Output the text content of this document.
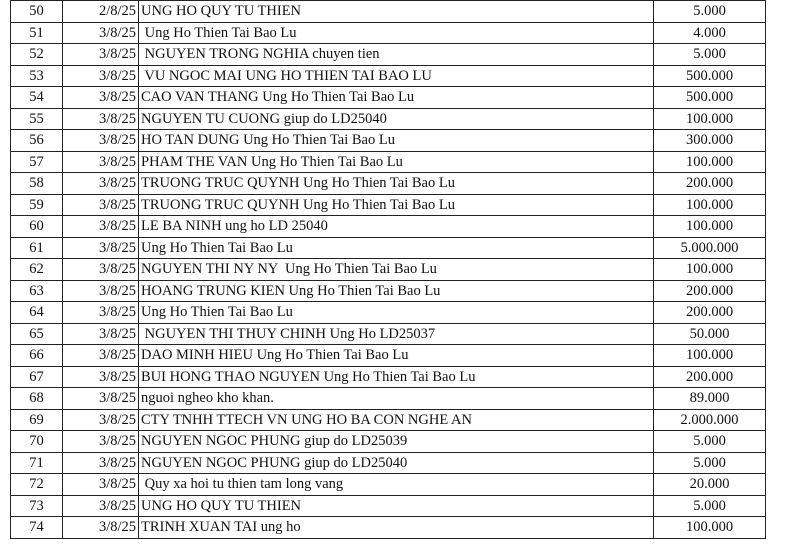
50	2/8/25	UNG HO QUY TU THIEN	5.000
51	3/8/25	Ung Ho Thien Tai Bao Lu	4.000
52	3/8/25	NGUYEN TRONG NGHIA chuyen tien	5.000
53	3/8/25	VU NGOC MAI UNG HO THIEN TAI BAO LU	500.000
54	3/8/25	CAO VAN THANG Ung Ho Thien Tai Bao Lu	500.000
55	3/8/25	NGUYEN TU CUONG giup do LD25040	100.000
56	3/8/25	HO TAN DUNG Ung Ho Thien Tai Bao Lu	300.000
57	3/8/25	PHAM THE VAN Ung Ho Thien Tai Bao Lu	100.000
58	3/8/25	TRUONG TRUC QUYNH Ung Ho Thien Tai Bao Lu	200.000
59	3/8/25	TRUONG TRUC QUYNH Ung Ho Thien Tai Bao Lu	100.000
60	3/8/25	LE BA NINH ung ho LD 25040	100.000
61	3/8/25	Ung Ho Thien Tai Bao Lu	5.000.000
62	3/8/25	NGUYEN THI NY NY  Ung Ho Thien Tai Bao Lu	100.000
63	3/8/25	HOANG TRUNG KIEN Ung Ho Thien Tai Bao Lu	200.000
64	3/8/25	Ung Ho Thien Tai Bao Lu	200.000
65	3/8/25	NGUYEN THI THUY CHINH Ung Ho LD25037	50.000
66	3/8/25	DAO MINH HIEU Ung Ho Thien Tai Bao Lu	100.000
67	3/8/25	BUI HONG THAO NGUYEN Ung Ho Thien Tai Bao Lu	200.000
68	3/8/25	nguoi ngheo kho khan.	89.000
69	3/8/25	CTY TNHH TTECH VN UNG HO BA CON NGHE AN	2.000.000
70	3/8/25	NGUYEN NGOC PHUNG giup do LD25039	5.000
71	3/8/25	NGUYEN NGOC PHUNG giup do LD25040	5.000
72	3/8/25	Quy xa hoi tu thien tam long vang	20.000
73	3/8/25	UNG HO QUY TU THIEN	5.000
74	3/8/25	TRINH XUAN TAI ung ho	100.000
